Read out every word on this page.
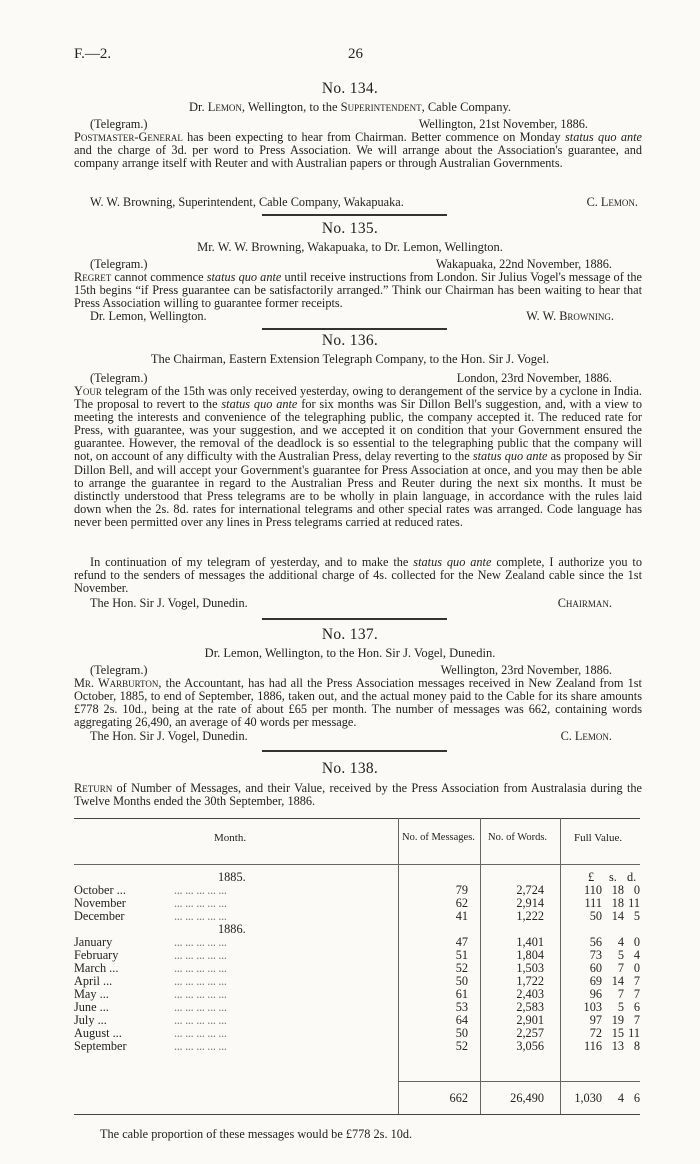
F.—2.	26
No. 134.
Dr. Lemon, Wellington, to the Superintendent, Cable Company.
(Telegram.)	Wellington, 21st November, 1886.
Postmaster-General has been expecting to hear from Chairman. Better commence on Monday status quo ante and the charge of 3d. per word to Press Association. We will arrange about the Association's guarantee, and company arrange itself with Reuter and with Australian papers or through Australian Governments.
W. W. Browning, Superintendent, Cable Company, Wakapuaka.	C. Lemon.
No. 135.
Mr. W. W. Browning, Wakapuaka, to Dr. Lemon, Wellington.
(Telegram.)	Wakapuaka, 22nd November, 1886.
Regret cannot commence status quo ante until receive instructions from London. Sir Julius Vogel's message of the 15th begins “if Press guarantee can be satisfactorily arranged.” Think our Chairman has been waiting to hear that Press Association willing to guarantee former receipts.
Dr. Lemon, Wellington.	W. W. Browning.
No. 136.
The Chairman, Eastern Extension Telegraph Company, to the Hon. Sir J. Vogel.
(Telegram.)	London, 23rd November, 1886.
Your telegram of the 15th was only received yesterday, owing to derangement of the service by a cyclone in India. The proposal to revert to the status quo ante for six months was Sir Dillon Bell's suggestion, and, with a view to meeting the interests and convenience of the telegraphing public, the company accepted it. The reduced rate for Press, with guarantee, was your suggestion, and we accepted it on condition that your Government ensured the guarantee. However, the removal of the deadlock is so essential to the telegraphing public that the company will not, on account of any difficulty with the Australian Press, delay reverting to the status quo ante as proposed by Sir Dillon Bell, and will accept your Government's guarantee for Press Association at once, and you may then be able to arrange the guarantee in regard to the Australian Press and Reuter during the next six months. It must be distinctly understood that Press telegrams are to be wholly in plain language, in accordance with the rules laid down when the 2s. 8d. rates for international telegrams and other special rates was arranged. Code language has never been permitted over any lines in Press telegrams carried at reduced rates.
In continuation of my telegram of yesterday, and to make the status quo ante complete, I authorize you to refund to the senders of messages the additional charge of 4s. collected for the New Zealand cable since the 1st November.
The Hon. Sir J. Vogel, Dunedin.	Chairman.
No. 137.
Dr. Lemon, Wellington, to the Hon. Sir J. Vogel, Dunedin.
(Telegram.)	Wellington, 23rd November, 1886.
Mr. Warburton, the Accountant, has had all the Press Association messages received in New Zealand from 1st October, 1885, to end of September, 1886, taken out, and the actual money paid to the Cable for its share amounts £778 2s. 10d., being at the rate of about £65 per month. The number of messages was 662, containing words aggregating 26,490, an average of 40 words per message.
The Hon. Sir J. Vogel, Dunedin.	C. Lemon.
No. 138.
Return of Number of Messages, and their Value, received by the Press Association from Australasia during the Twelve Months ended the 30th September, 1886.
Month.	No. of Messages. No. of Words. Full Value.
£ s. d.
1885.
1886.
October ...	... ... ... ... ...	79	2,724	110 18 0
November	... ... ... ... ...	62	2,914	111 18 11
December	... ... ... ... ...	41	1,222	50 14 5
January	... ... ... ... ...	47	1,401	56	4 0
February	... ... ... ... ...	51	1,804	73	5 4
March ...	... ... ... ... ...	52	1,503	60	7 0
April ...	... ... ... ... ...	50	1,722	69 14 7
May ...	... ... ... ... ...	61	2,403	96	7 7
June ...	... ... ... ... ...	53	2,583	103	5 6
July ...	... ... ... ... ...	64	2,901	97 19 7
August ...	... ... ... ... ...	50	2,257	72 15 11
September	... ... ... ... ...	52	3,056	116 13 8
662	26,490	1,030	4 6
The cable proportion of these messages would be £778 2s. 10d.
